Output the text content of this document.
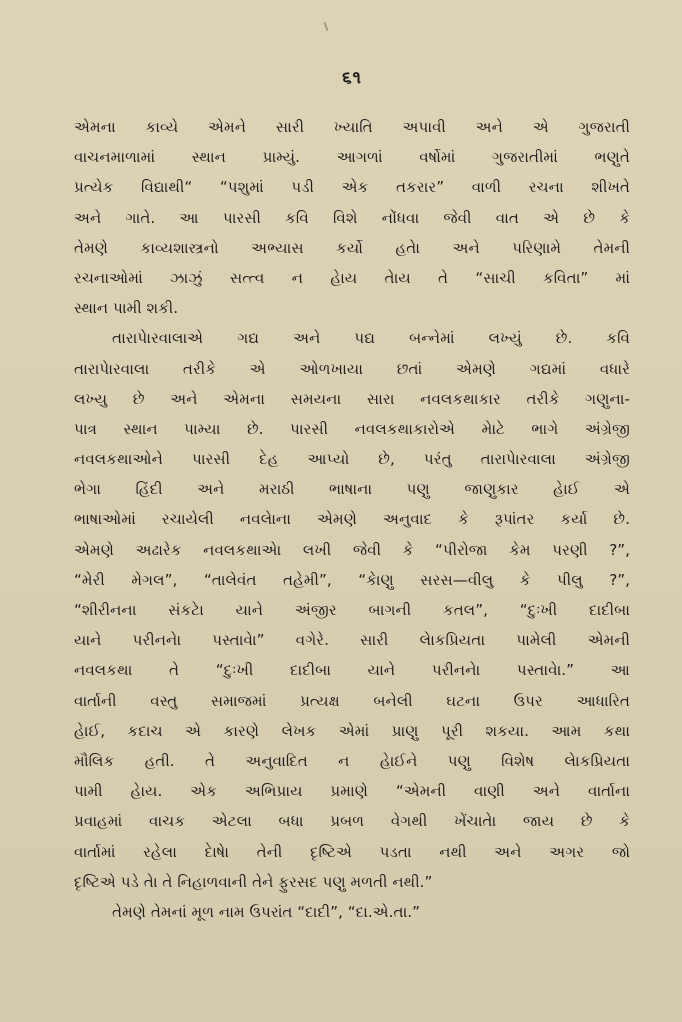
૬૧
એમના કાવ્યે એમને સારી ખ્યાતિ અપાવી અને એ ગુજરાતી
વાચનમાળામાં સ્થાન પ્રામ્યું. આગળાં વર્ષોમાં ગુજરાતીમાં ભણુતે
પ્રત્યેક વિદ્યાથી“ “પશુમાં પડી એક તકરાર” વાળી રચના શીખતે
અને ગાતે. આ પારસી કવિ વિશે નોંધવા જેવી વાત એ છે કે
તેમણે કાવ્યશાસ્ત્રનો અભ્યાસ કર્યો હતેા અને પરિણામે તેમની
રચનાઓમાં ઝાઝું સત્ત્વ ન હેાય તેાય તે “સાચી કવિતા” માં
સ્થાન પામી શકી.
તારાપેારવાલાએ ગદ્ય અને પદ્ય બન્નેમાં લખ્યું છે. કવિ
તારાપેારવાલા તરીકે એ ઓળખાયા છતાં એમણે ગદ્યમાં વધારે
લખ્યુ છે અને એમના સમયના સારા નવલકથાકાર તરીકે ગણુના-
પાત્ર સ્થાન પામ્યા છે. પારસી નવલકથાકારોએ મેાટે ભાગે અંગ્રેજી
નવલકથાઓને પારસી દેહ આપ્યો છે, પરંતુ તારાપેારવાલા અંગ્રેજી
ભેગા હિંદી અને મરાઠી ભાષાના પણુ જાણુકાર હેાઈ એ
ભાષાઓમાં રચાયેલી નવલેાના એમણે અનુવાદ કે રૂપાંતર કર્યા છે.
એમણે અઢારેક નવલકથાએા લખી જેવી કે “પીરોજા કેમ પરણી ?”,
“મેરી મેગલ”, “તાલેવંત તહેમી”, “કેાણુ સરસ—વીલુ કે પીલુ ?”,
“શીરીનના સંકટેા યાને અંજીર બાગની કતલ”, “દુઃખી દાદીબા
યાને પરીનનેા પસ્તાવેા” વગેરે. સારી લેાકપ્રિયતા પામેલી એમની
નવલકથા તે “દુઃખી દાદીબા યાને પરીનનેા પસ્તાવેા.” આ
વાર્તાની વસ્તુ સમાજમાં પ્રત્યક્ષ બનેલી ઘટના ઉપર આધારિત
હેાઈ, કદાચ એ કારણે લેખક એમાં પ્રાણુ પૂરી શકયા. આમ કથા
મૌલિક હતી. તે અનુવાદિત ન હેાઈને પણુ વિશેષ લેાકપ્રિયતા
પામી હેાય. એક અભિપ્રાય પ્રમાણે “એમની વાણી અને વાર્તાના
પ્રવાહમાં વાચક એટલા બધા પ્રબળ વેગથી ખેંચાતેા જાય છે કે
વાર્તામાં રહેલા દેાષેા તેની દૃષ્ટિએ પડતા નથી અને અગર જો
દૃષ્ટિએ પડે તેા તે નિહાળવાની તેને ફુરસદ પણુ મળતી નથી.”
તેમણે તેમનાં મૂળ નામ ઉપરાંત “દાદી”, “દા.એ.તા.”
